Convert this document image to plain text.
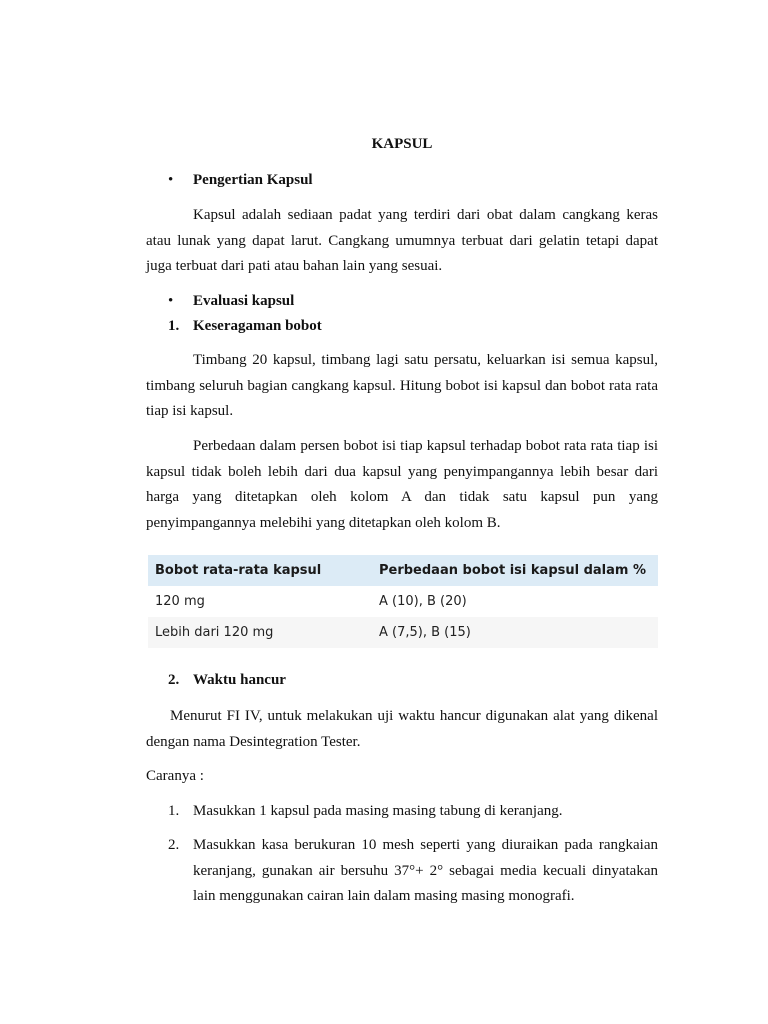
KAPSUL
• Pengertian Kapsul
Kapsul adalah sediaan padat yang terdiri dari obat dalam cangkang keras atau lunak yang dapat larut. Cangkang umumnya terbuat dari gelatin tetapi dapat juga terbuat dari pati atau bahan lain yang sesuai.
• Evaluasi kapsul
1. Keseragaman bobot
Timbang 20 kapsul, timbang lagi satu persatu, keluarkan isi semua kapsul, timbang seluruh bagian cangkang kapsul. Hitung bobot isi kapsul dan bobot rata rata tiap isi kapsul.
Perbedaan dalam persen bobot isi tiap kapsul terhadap bobot rata rata tiap isi kapsul tidak boleh lebih dari dua kapsul yang penyimpangannya lebih besar dari harga yang ditetapkan oleh kolom A dan tidak satu kapsul pun yang penyimpangannya melebihi yang ditetapkan oleh kolom B.
Bobot rata-rata kapsul	Perbedaan bobot isi kapsul dalam %
120 mg	A (10), B (20)
Lebih dari 120 mg	A (7,5), B (15)
2. Waktu hancur
Menurut FI IV, untuk melakukan uji waktu hancur digunakan alat yang dikenal dengan nama Desintegration Tester.
Caranya :
1. Masukkan 1 kapsul pada masing masing tabung di keranjang.
2. Masukkan kasa berukuran 10 mesh seperti yang diuraikan pada rangkaian keranjang, gunakan air bersuhu 37°+ 2° sebagai media kecuali dinyatakan lain menggunakan cairan lain dalam masing masing monografi.
